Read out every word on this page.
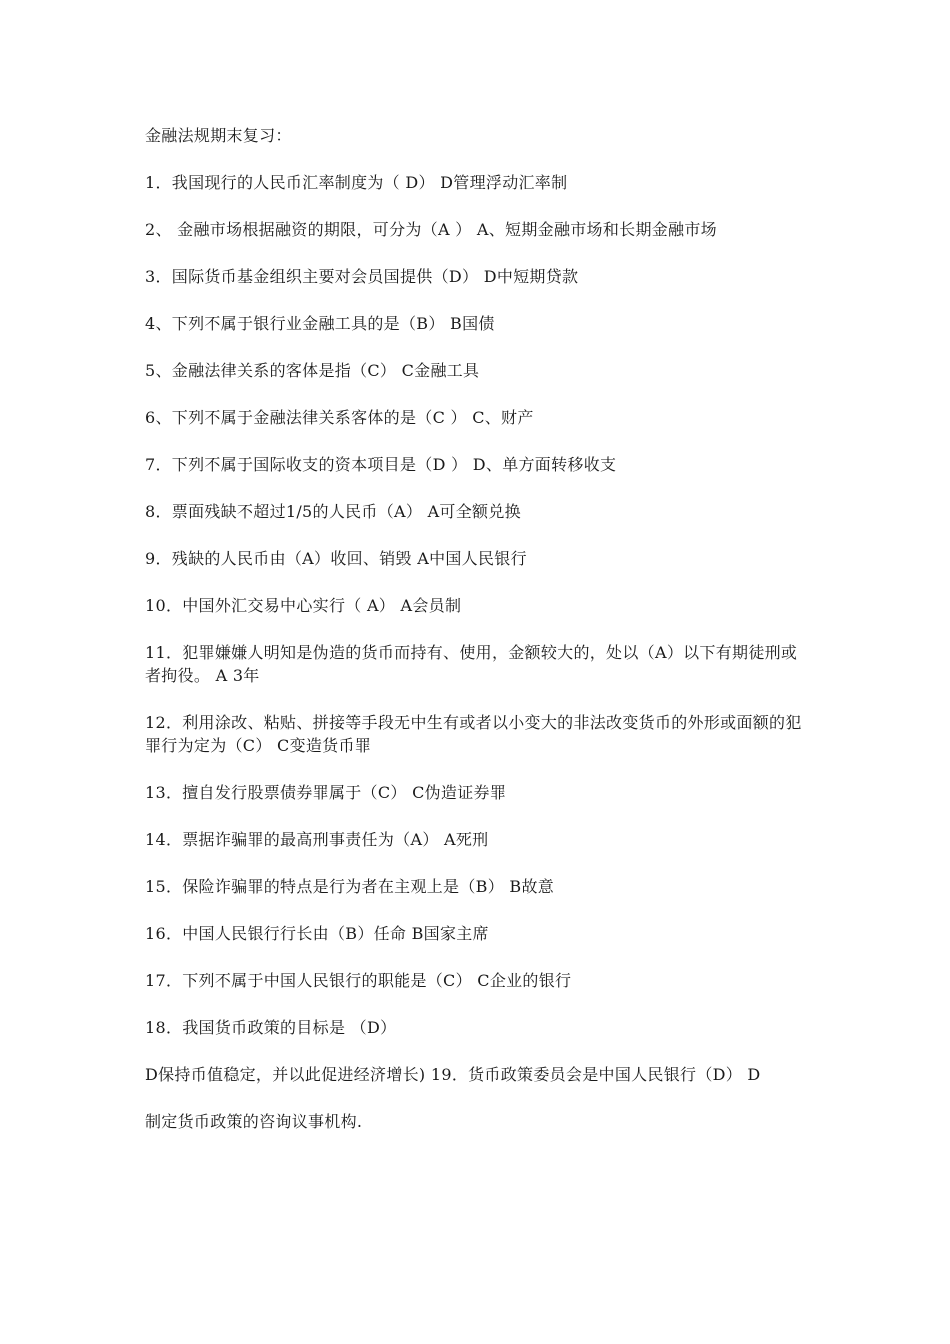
金融法规期末复习：

1．我国现行的人民币汇率制度为（ D） D管理浮动汇率制

2、 金融市场根据融资的期限，可分为（A ） A、短期金融市场和长期金融市场

3．国际货币基金组织主要对会员国提供（D） D中短期贷款

4、下列不属于银行业金融工具的是（B） B国债

5、金融法律关系的客体是指（C） C金融工具

6、下列不属于金融法律关系客体的是（C ） C、财产

7．下列不属于国际收支的资本项目是（D ） D、单方面转移收支

8．票面残缺不超过1/5的人民币（A） A可全额兑换

9．残缺的人民币由（A）收回、销毁 A中国人民银行

10．中国外汇交易中心实行（ A） A会员制

11．犯罪嫌嫌人明知是伪造的货币而持有、使用，金额较大的，处以（A）以下有期徒刑或者拘役。 A 3年

12．利用涂改、粘贴、拼接等手段无中生有或者以小变大的非法改变货币的外形或面额的犯罪行为定为（C） C变造货币罪

13．擅自发行股票债券罪属于（C） C伪造证券罪

14．票据诈骗罪的最高刑事责任为（A） A死刑

15．保险诈骗罪的特点是行为者在主观上是（B） B故意

16．中国人民银行行长由（B）任命 B国家主席

17．下列不属于中国人民银行的职能是（C） C企业的银行

18．我国货币政策的目标是 （D）

D保持币值稳定，并以此促进经济增长) 19．货币政策委员会是中国人民银行（D） D

制定货币政策的咨询议事机构.
